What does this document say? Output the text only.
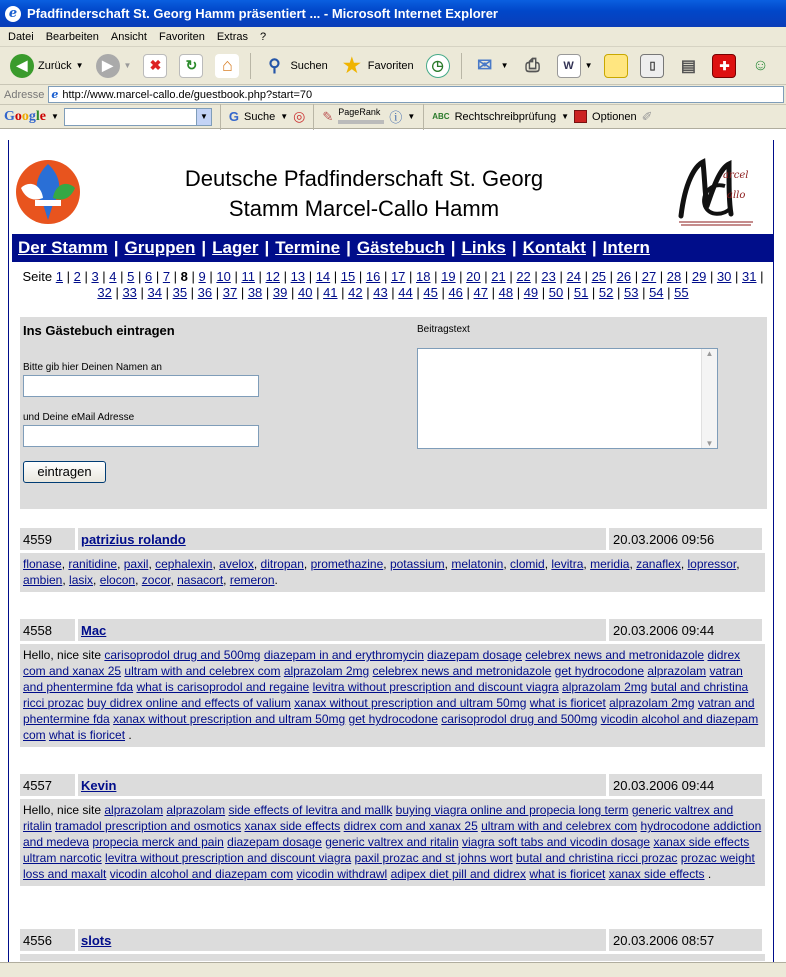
e Pfadfinderschaft St. Georg Hamm präsentiert ... - Microsoft Internet Explorer
Datei	Bearbeiten	Ansicht	Favoriten	Extras	?
◀ Zurück ▼	▶	▼	✖	↻	⌂	⚲ Suchen ★ Favoriten	◷	✉	▼ ⎙	W	▼	▯	▤	✚	☺
Adresse e http://www.marcel-callo.de/guestbook.php?start=70
Google ▼	▼ G Suche ▼ ◎ ✎ PageRank ⓘ ▼ ABC Rechtschreibprüfung ▼ Optionen ✐
Deutsche Pfadfinderschaft St. Georg
Stamm Marcel-Callo Hamm
arcel
allo
Der Stamm | Gruppen | Lager | Termine | Gästebuch | Links | Kontakt | Intern
Seite 1 | 2 | 3 | 4 | 5 | 6 | 7 | 8 | 9 | 10 | 11 | 12 | 13 | 14 | 15 | 16 | 17 | 18 | 19 | 20 | 21 | 22 | 23 | 24 | 25 | 26 | 27 | 28 | 29 | 30 | 31 |
32 | 33 | 34 | 35 | 36 | 37 | 38 | 39 | 40 | 41 | 42 | 43 | 44 | 45 | 46 | 47 | 48 | 49 | 50 | 51 | 52 | 53 | 54 | 55
Ins Gästebuch eintragen
Bitte gib hier Deinen Namen an
und Deine eMail Adresse
Beitragstext
▲
▼
eintragen
4559	patrizius rolando	20.03.2006 09:56
flonase, ranitidine, paxil, cephalexin, avelox, ditropan, promethazine, potassium, melatonin, clomid, levitra, meridia, zanaflex, lopressor, ambien, lasix, elocon, zocor, nasacort, remeron.
4558	Mac	20.03.2006 09:44
Hello, nice site carisoprodol drug and 500mg diazepam in and erythromycin diazepam dosage celebrex news and metronidazole didrex com and xanax 25 ultram with and celebrex com alprazolam 2mg celebrex news and metronidazole get hydrocodone alprazolam vatran and phentermine fda what is carisoprodol and regaine levitra without prescription and discount viagra alprazolam 2mg butal and christina ricci prozac buy didrex online and effects of valium xanax without prescription and ultram 50mg what is fioricet alprazolam 2mg vatran and phentermine fda xanax without prescription and ultram 50mg get hydrocodone carisoprodol drug and 500mg vicodin alcohol and diazepam com what is fioricet .
4557	Kevin	20.03.2006 09:44
Hello, nice site alprazolam alprazolam side effects of levitra and mallk buying viagra online and propecia long term generic valtrex and ritalin tramadol prescription and osmotics xanax side effects didrex com and xanax 25 ultram with and celebrex com hydrocodone addiction and medeva propecia merck and pain diazepam dosage generic valtrex and ritalin viagra soft tabs and vicodin dosage xanax side effects ultram narcotic levitra without prescription and discount viagra paxil prozac and st johns wort butal and christina ricci prozac prozac weight loss and maxalt vicodin alcohol and diazepam com vicodin withdrawl adipex diet pill and didrex what is fioricet xanax side effects .
4556	slots	20.03.2006 08:57
